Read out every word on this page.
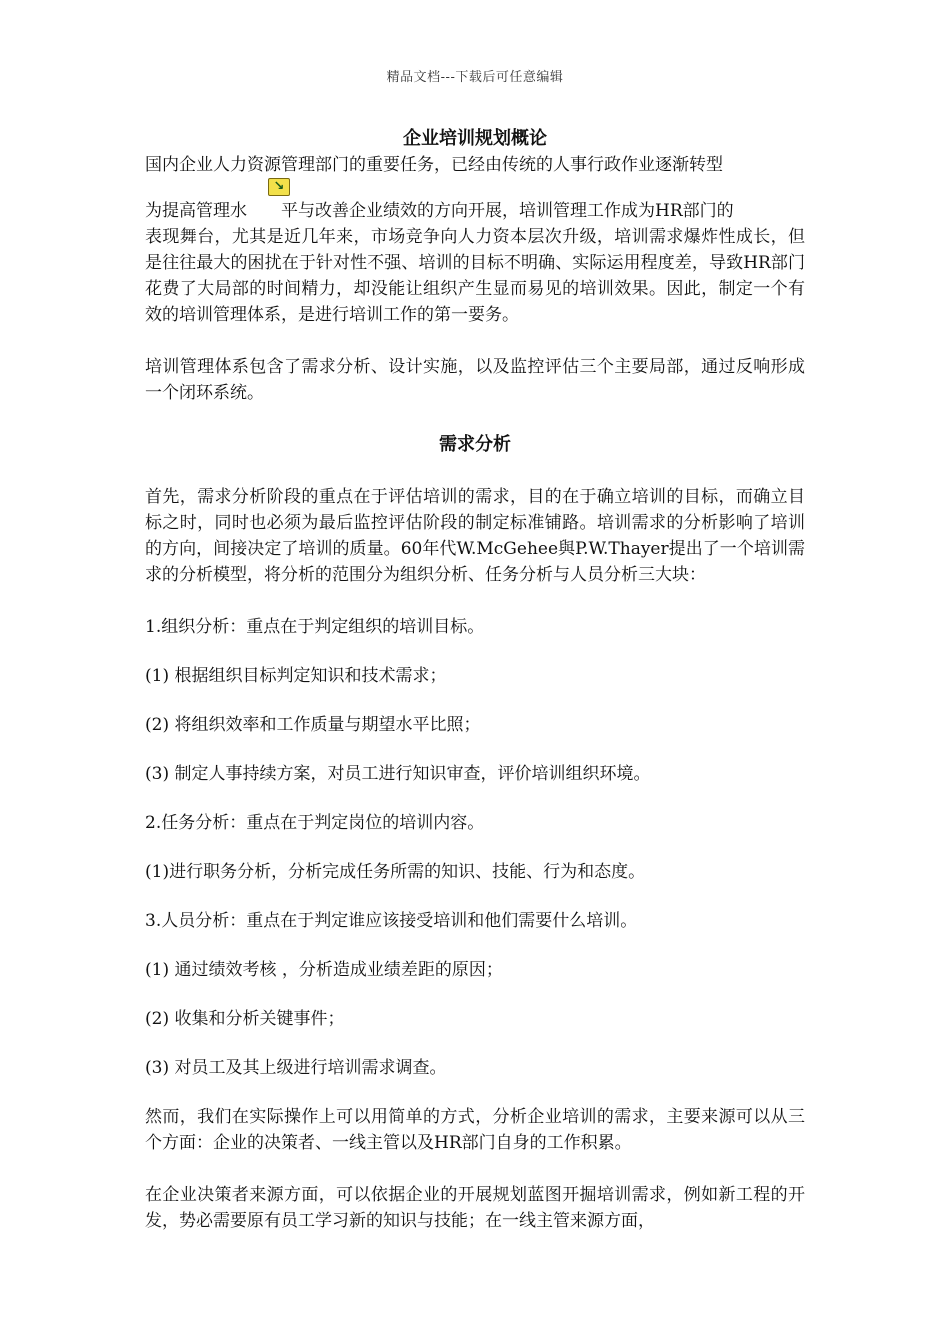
精品文档---下载后可任意编辑
企业培训规划概论

国内企业人力资源管理部门的重要任务，已经由传统的人事行政作业逐渐转型

↘

为提高管理水 平与改善企业绩效的方向开展，培训管理工作成为HR部门的

表现舞台，尤其是近几年来，市场竞争向人力资本层次升级，培训需求爆炸性成长，但是往往最大的困扰在于针对性不强、培训的目标不明确、实际运用程度差，导致HR部门花费了大局部的时间精力，却没能让组织产生显而易见的培训效果。因此，制定一个有效的培训管理体系，是进行培训工作的第一要务。

培训管理体系包含了需求分析、设计实施，以及监控评估三个主要局部，通过反响形成一个闭环系统。

需求分析

首先，需求分析阶段的重点在于评估培训的需求，目的在于确立培训的目标，而确立目标之时，同时也必须为最后监控评估阶段的制定标准铺路。培训需求的分析影响了培训的方向，间接决定了培训的质量。60年代W.McGehee與P.W.Thayer提出了一个培训需求的分析模型，将分析的范围分为组织分析、任务分析与人员分析三大块：

1.组织分析：重点在于判定组织的培训目标。

(1) 根据组织目标判定知识和技术需求；

(2) 将组织效率和工作质量与期望水平比照；

(3) 制定人事持续方案，对员工进行知识审查，评价培训组织环境。

2.任务分析：重点在于判定岗位的培训内容。

(1)进行职务分析，分析完成任务所需的知识、技能、行为和态度。

3.人员分析：重点在于判定谁应该接受培训和他们需要什么培训。

(1) 通过绩效考核 ，分析造成业绩差距的原因；

(2) 收集和分析关键事件；

(3) 对员工及其上级进行培训需求调查。

然而，我们在实际操作上可以用简单的方式，分析企业培训的需求，主要来源可以从三个方面：企业的决策者、一线主管以及HR部门自身的工作积累。

在企业决策者来源方面，可以依据企业的开展规划蓝图开掘培训需求，例如新工程的开发，势必需要原有员工学习新的知识与技能；在一线主管来源方面，
